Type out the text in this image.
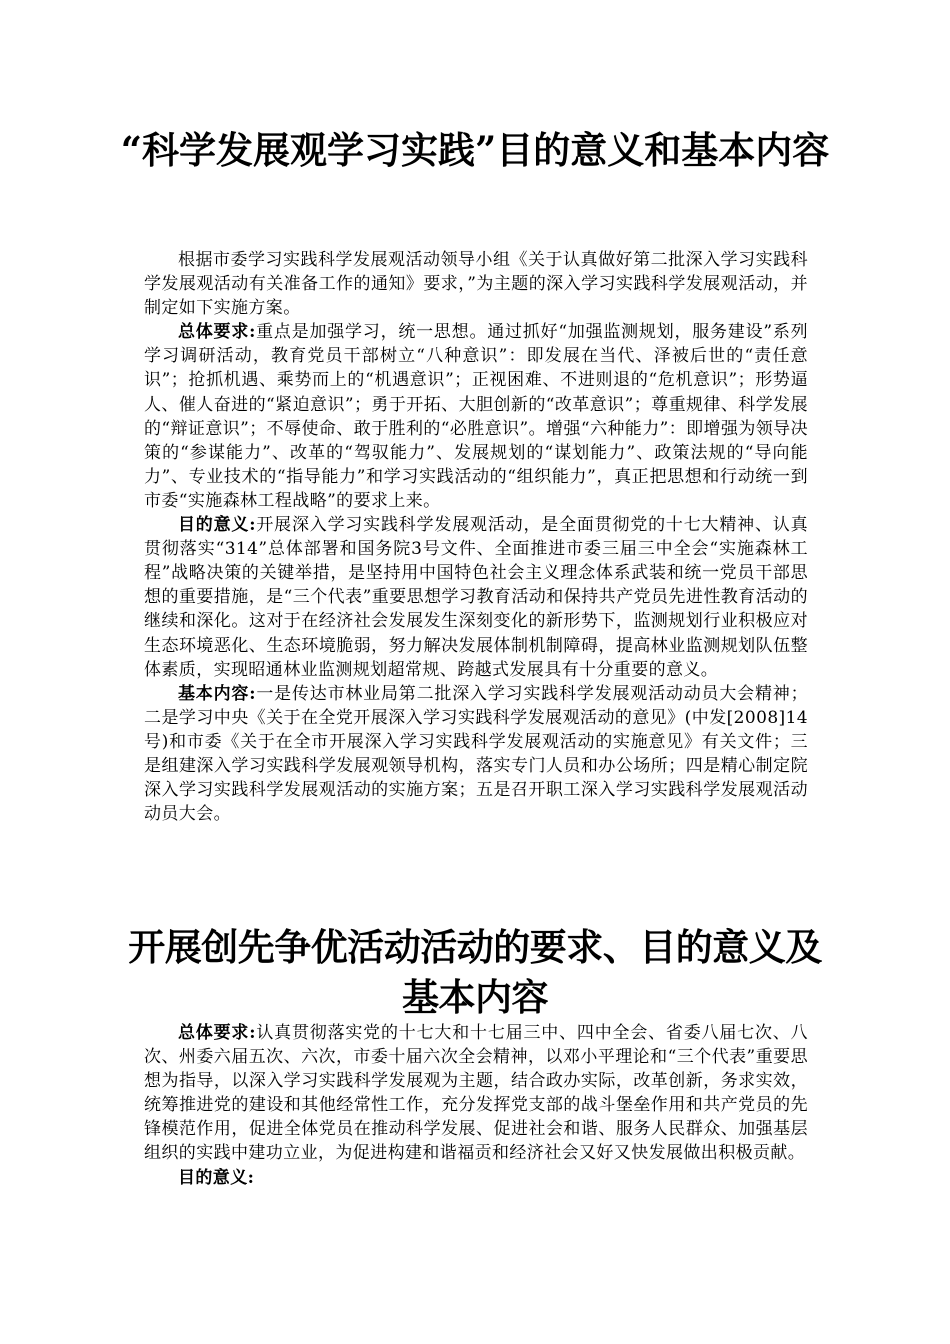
“科学发展观学习实践”目的意义和基本内容

根据市委学习实践科学发展观活动领导小组《关于认真做好第二批深入学习实践科学发展观活动有关准备工作的通知》要求，”为主题的深入学习实践科学发展观活动，并制定如下实施方案。

总体要求:重点是加强学习，统一思想。通过抓好“加强监测规划，服务建设”系列学习调研活动，教育党员干部树立“八种意识”：即发展在当代、泽被后世的“责任意识”；抢抓机遇、乘势而上的“机遇意识”；正视困难、不进则退的“危机意识”；形势逼人、催人奋进的“紧迫意识”；勇于开拓、大胆创新的“改革意识”；尊重规律、科学发展的“辩证意识”；不辱使命、敢于胜利的“必胜意识”。增强“六种能力”：即增强为领导决策的“参谋能力”、改革的“驾驭能力”、发展规划的“谋划能力”、政策法规的“导向能力”、专业技术的“指导能力”和学习实践活动的“组织能力”，真正把思想和行动统一到市委“实施森林工程战略”的要求上来。

目的意义:开展深入学习实践科学发展观活动，是全面贯彻党的十七大精神、认真贯彻落实“314”总体部署和国务院3号文件、全面推进市委三届三中全会“实施森林工程”战略决策的关键举措，是坚持用中国特色社会主义理念体系武装和统一党员干部思想的重要措施，是“三个代表”重要思想学习教育活动和保持共产党员先进性教育活动的继续和深化。这对于在经济社会发展发生深刻变化的新形势下，监测规划行业积极应对生态环境恶化、生态环境脆弱，努力解决发展体制机制障碍，提高林业监测规划队伍整体素质，实现昭通林业监测规划超常规、跨越式发展具有十分重要的意义。

基本内容:一是传达市林业局第二批深入学习实践科学发展观活动动员大会精神；二是学习中央《关于在全党开展深入学习实践科学发展观活动的意见》(中发[2008]14号)和市委《关于在全市开展深入学习实践科学发展观活动的实施意见》有关文件；三是组建深入学习实践科学发展观领导机构，落实专门人员和办公场所；四是精心制定院深入学习实践科学发展观活动的实施方案；五是召开职工深入学习实践科学发展观活动动员大会。

开展创先争优活动活动的要求、目的意义及基本内容

总体要求:认真贯彻落实党的十七大和十七届三中、四中全会、省委八届七次、八次、州委六届五次、六次，市委十届六次全会精神，以邓小平理论和“三个代表”重要思想为指导，以深入学习实践科学发展观为主题，结合政办实际，改革创新，务求实效，统筹推进党的建设和其他经常性工作，充分发挥党支部的战斗堡垒作用和共产党员的先锋模范作用，促进全体党员在推动科学发展、促进社会和谐、服务人民群众、加强基层组织的实践中建功立业，为促进构建和谐福贡和经济社会又好又快发展做出积极贡献。

目的意义:
